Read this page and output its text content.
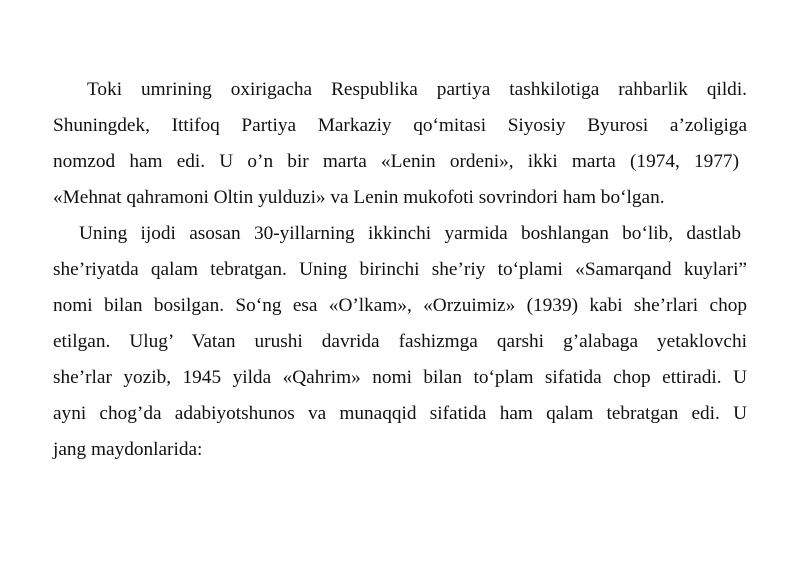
Toki umrining oxirigacha Respublika partiya tashkilotiga rahbarlik qildi.
Shuningdek, Ittifoq Partiya Markaziy qo‘mitasi Siyosiy Byurosi a’zoligiga
nomzod ham edi. U o’n bir marta «Lenin ordeni», ikki marta (1974, 1977)
«Mehnat qahramoni Oltin yulduzi» va Lenin mukofoti sovrindori ham bo‘lgan.
Uning ijodi asosan 30-yillarning ikkinchi yarmida boshlangan bo‘lib, dastlab
she’riyatda qalam tebratgan. Uning birinchi she’riy to‘plami «Samarqand kuylari”
nomi bilan bosilgan. So‘ng esa «O’lkam», «Orzuimiz» (1939) kabi she’rlari chop
etilgan. Ulug’ Vatan urushi davrida fashizmga qarshi g’alabaga yetaklovchi
she’rlar yozib, 1945 yilda «Qahrim» nomi bilan to‘plam sifatida chop ettiradi. U
ayni chog’da adabiyotshunos va munaqqid sifatida ham qalam tebratgan edi. U
jang maydonlarida:
